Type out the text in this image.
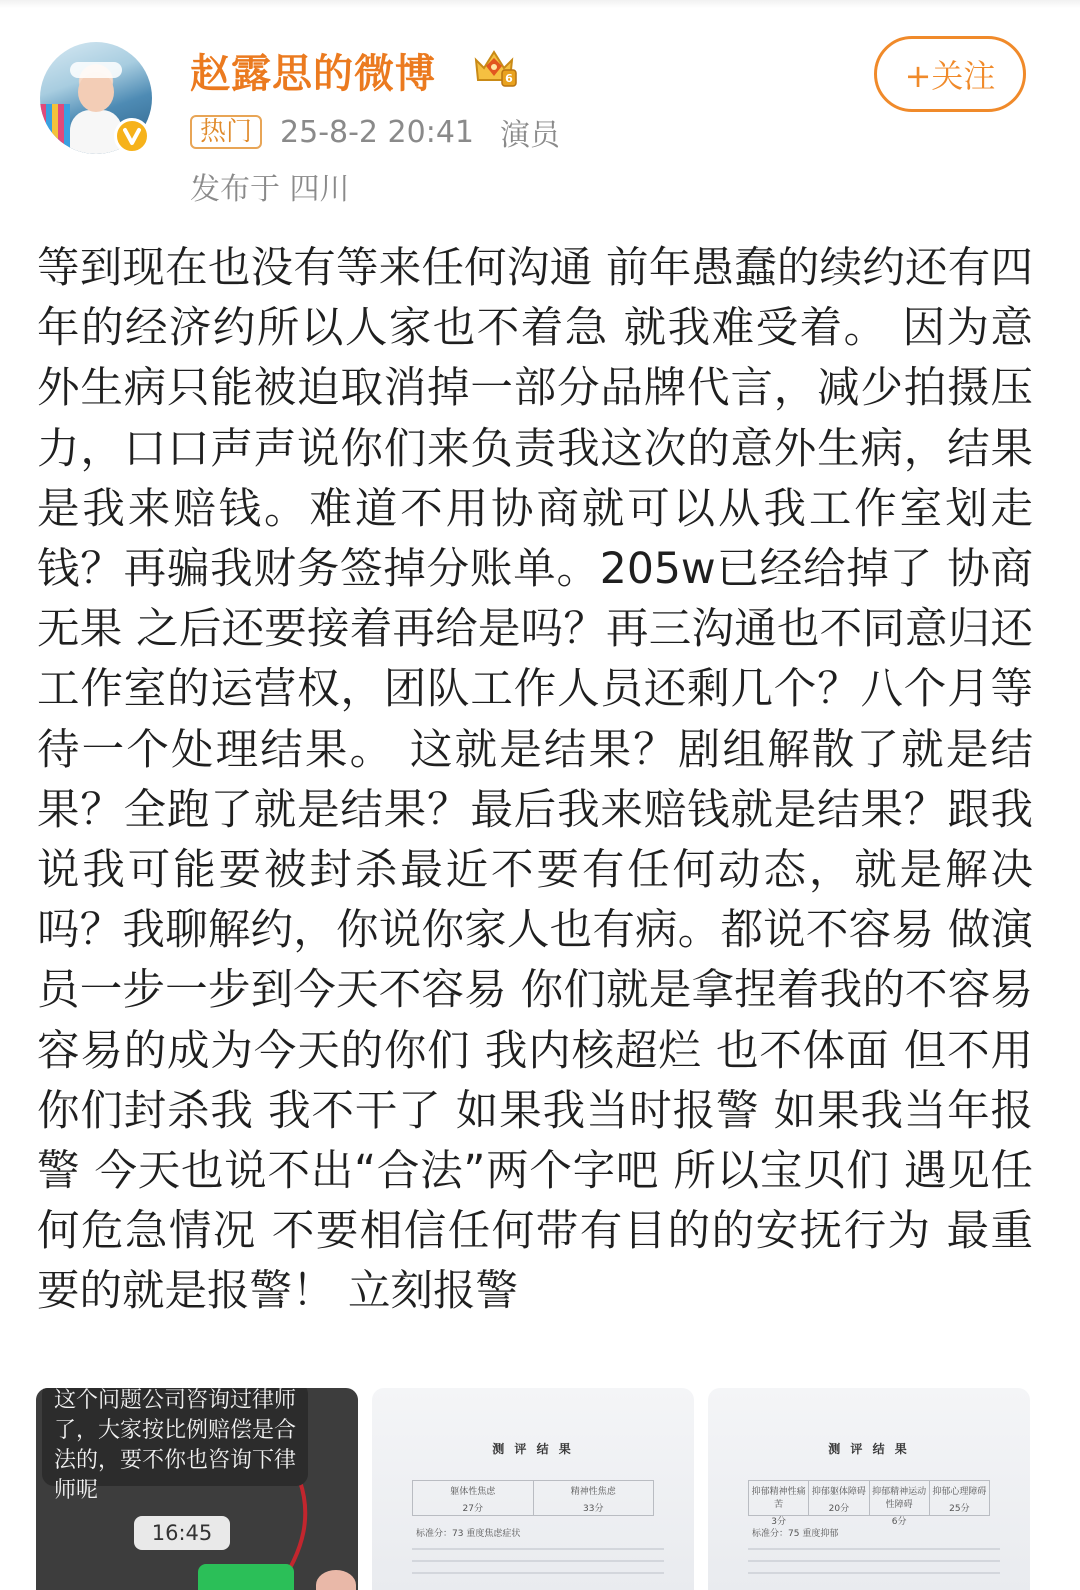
赵露思的微博	6
热门 25-8-2 20:41 演员
发布于 四川
+关注

等到现在也没有等来任何沟通 前年愚蠢的续约还有四年的经济约所以人家也不着急 就我难受着。 因为意外生病只能被迫取消掉一部分品牌代言，减少拍摄压力，口口声声说你们来负责我这次的意外生病，结果是我来赔钱。难道不用协商就可以从我工作室划走钱？再骗我财务签掉分账单。205w已经给掉了 协商无果 之后还要接着再给是吗？再三沟通也不同意归还工作室的运营权，团队工作人员还剩几个？八个月等待一个处理结果。 这就是结果？剧组解散了就是结果？全跑了就是结果？最后我来赔钱就是结果？跟我说我可能要被封杀最近不要有任何动态，就是解决吗？我聊解约，你说你家人也有病。都说不容易 做演员一步一步到今天不容易 你们就是拿捏着我的不容易 容易的成为今天的你们 我内核超烂 也不体面 但不用你们封杀我 我不干了 如果我当时报警 如果我当年报警 今天也说不出“合法”两个字吧 所以宝贝们 遇见任何危急情况 不要相信任何带有目的的安抚行为 最重要的就是报警！ 立刻报警

这个问题公司咨询过律师了，大家按比例赔偿是合法的，要不你也咨询下律师呢
16:45
测 评 结 果
躯体性焦虑
27分
精神性焦虑
33分
标准分：73 重度焦虑症状
测 评 结 果
抑郁精神性痛苦
3分
抑郁躯体障碍
20分
抑郁精神运动性障碍
6分
抑郁心理障碍
25分
标准分：75 重度抑郁
